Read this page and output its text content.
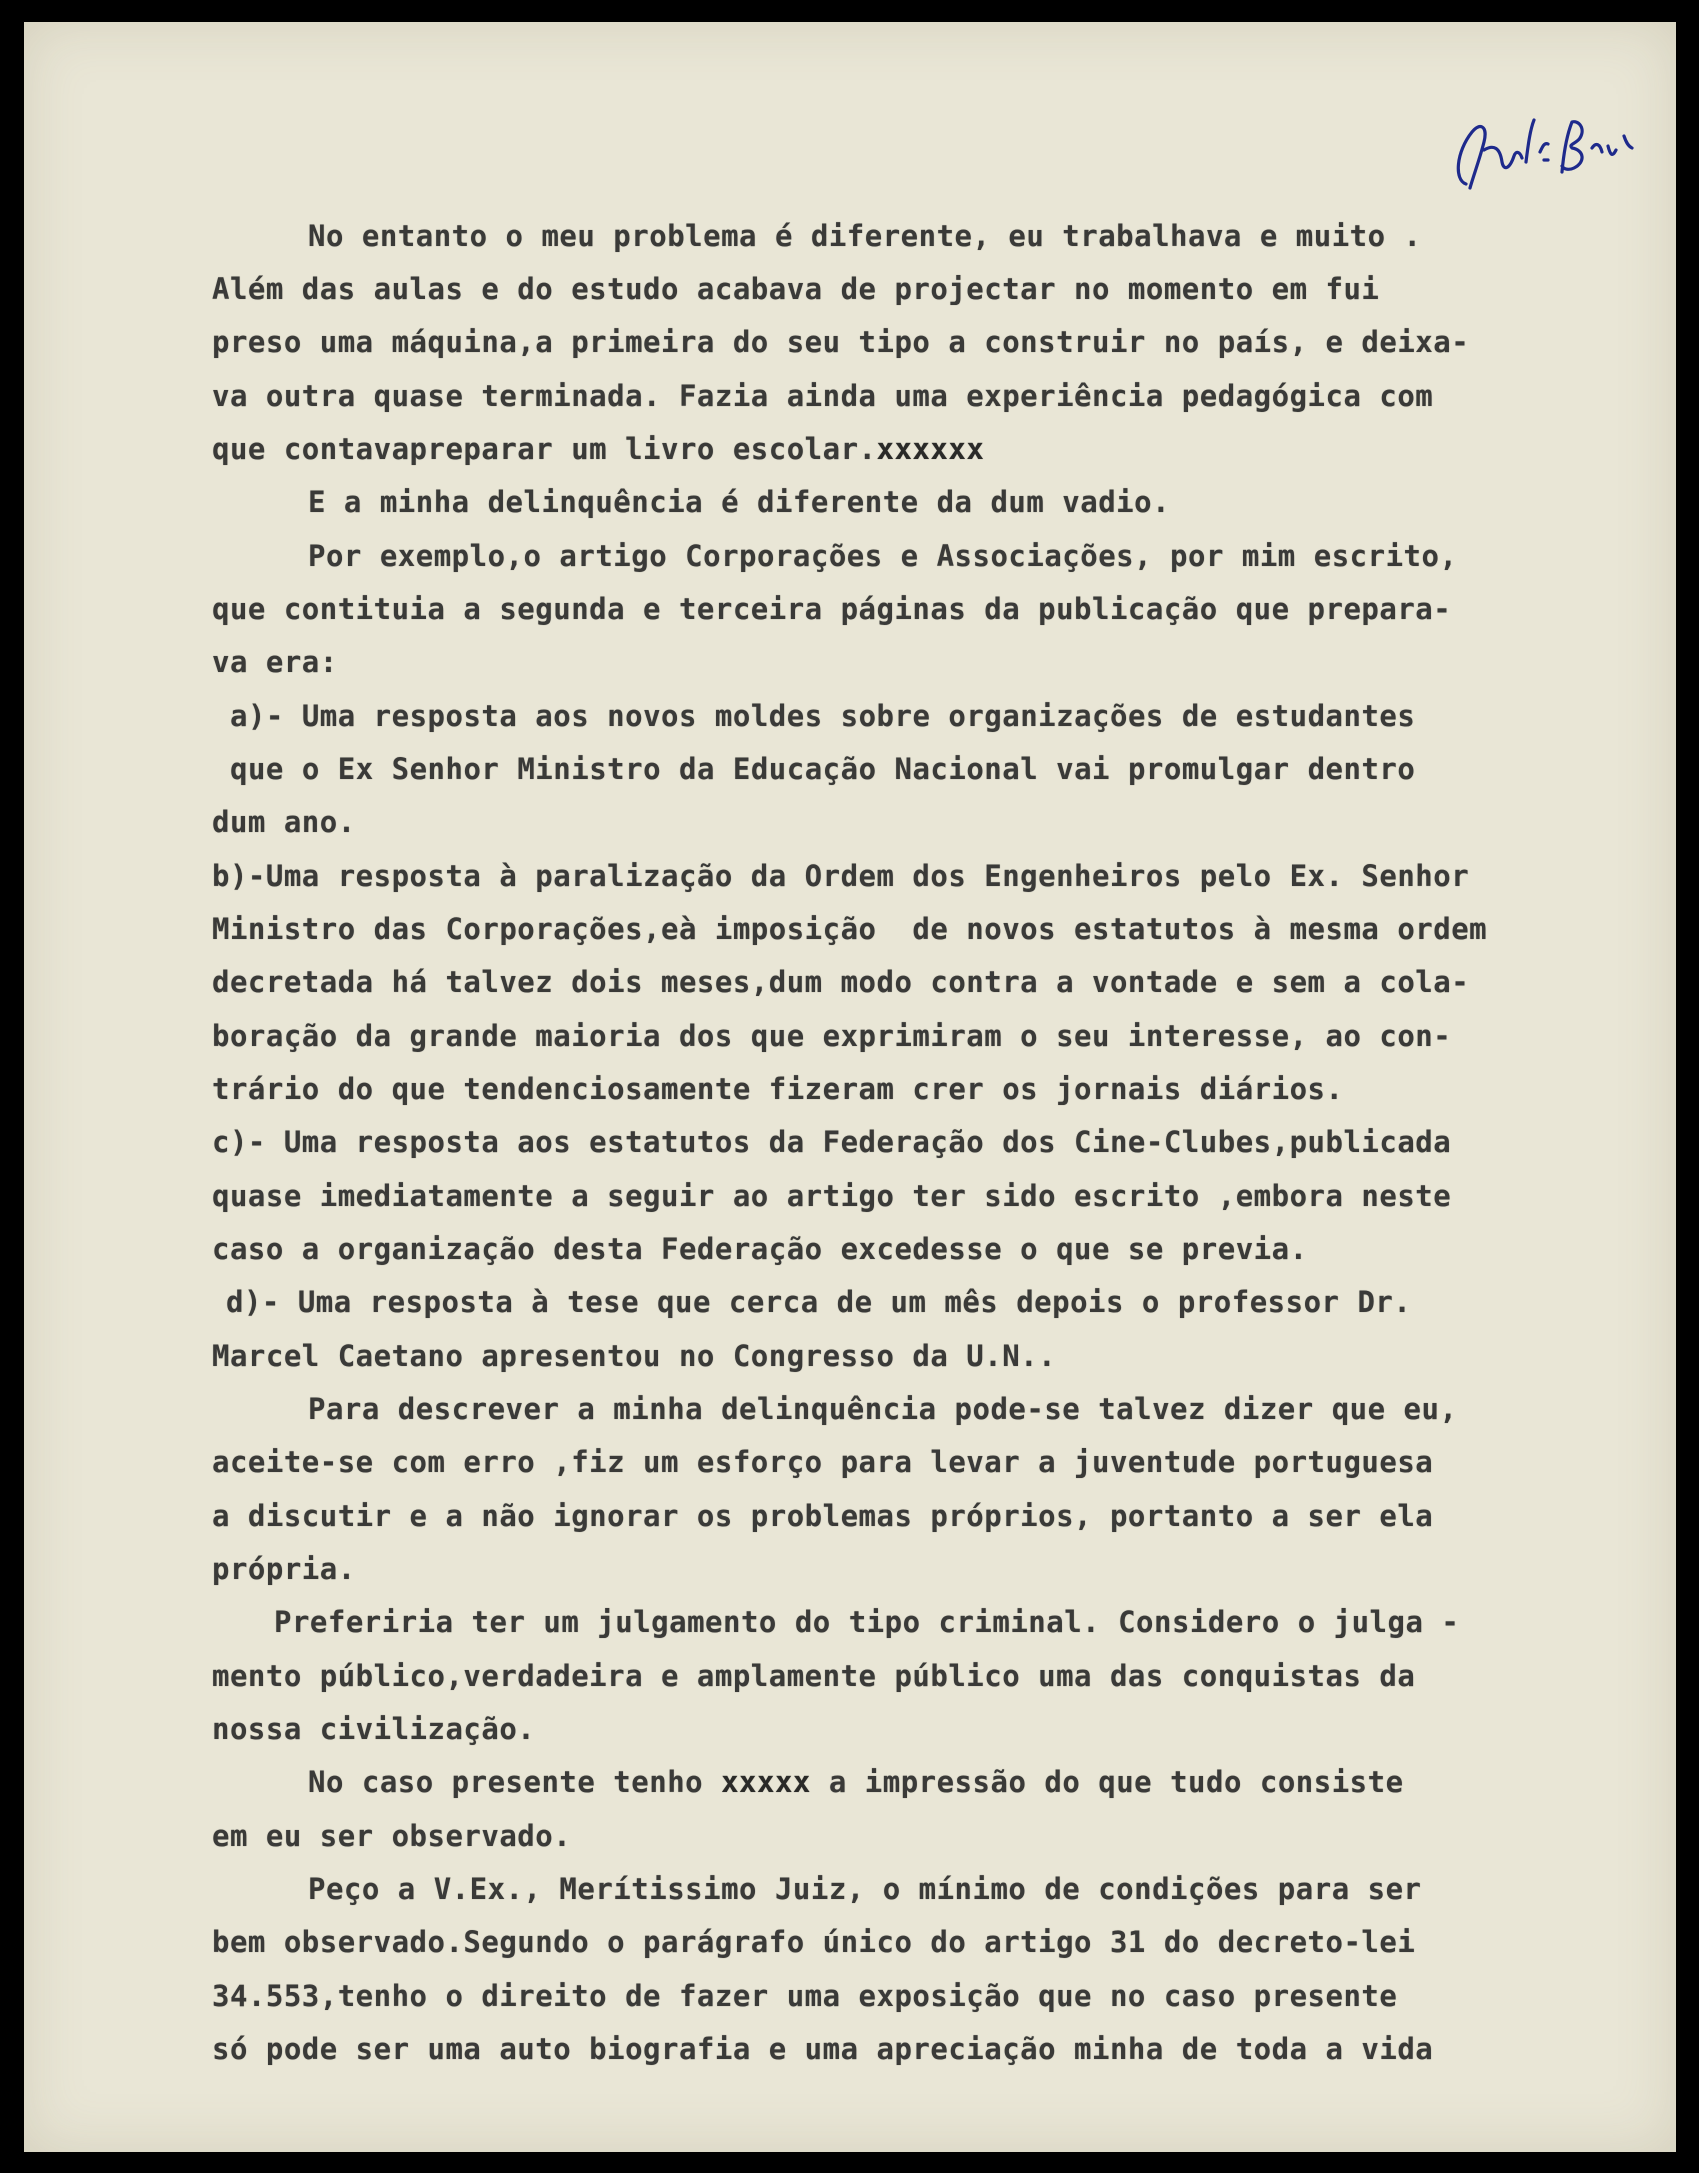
No entanto o meu problema é diferente, eu trabalhava e muito .

Além das aulas e do estudo acabava de projectar no momento em fui

preso uma máquina,a primeira do seu tipo a construir no país, e deixa-

va outra quase terminada. Fazia ainda uma experiência pedagógica com

que contavapreparar um livro escolar.xxxxxx

E a minha delinquência é diferente da dum vadio.

Por exemplo,o artigo Corporações e Associações, por mim escrito,

que contituia a segunda e terceira páginas da publicação que prepara-

va era:

a)- Uma resposta aos novos moldes sobre organizações de estudantes

que o Ex Senhor Ministro da Educação Nacional vai promulgar dentro

dum ano.

b)-Uma resposta à paralização da Ordem dos Engenheiros pelo Ex. Senhor

Ministro das Corporações,eà imposição  de novos estatutos à mesma ordem

decretada há talvez dois meses,dum modo contra a vontade e sem a cola-

boração da grande maioria dos que exprimiram o seu interesse, ao con-

trário do que tendenciosamente fizeram crer os jornais diários.

c)- Uma resposta aos estatutos da Federação dos Cine-Clubes,publicada

quase imediatamente a seguir ao artigo ter sido escrito ,embora neste

caso a organização desta Federação excedesse o que se previa.

d)- Uma resposta à tese que cerca de um mês depois o professor Dr.

Marcel Caetano apresentou no Congresso da U.N..

Para descrever a minha delinquência pode-se talvez dizer que eu,

aceite-se com erro ,fiz um esforço para levar a juventude portuguesa

a discutir e a não ignorar os problemas próprios, portanto a ser ela

própria.

Preferiria ter um julgamento do tipo criminal. Considero o julga -

mento público,verdadeira e amplamente público uma das conquistas da

nossa civilização.

No caso presente tenho xxxxx a impressão do que tudo consiste

em eu ser observado.

Peço a V.Ex., Merítissimo Juiz, o mínimo de condições para ser

bem observado.Segundo o parágrafo único do artigo 31 do decreto-lei

34.553,tenho o direito de fazer uma exposição que no caso presente

só pode ser uma auto biografia e uma apreciação minha de toda a vida
